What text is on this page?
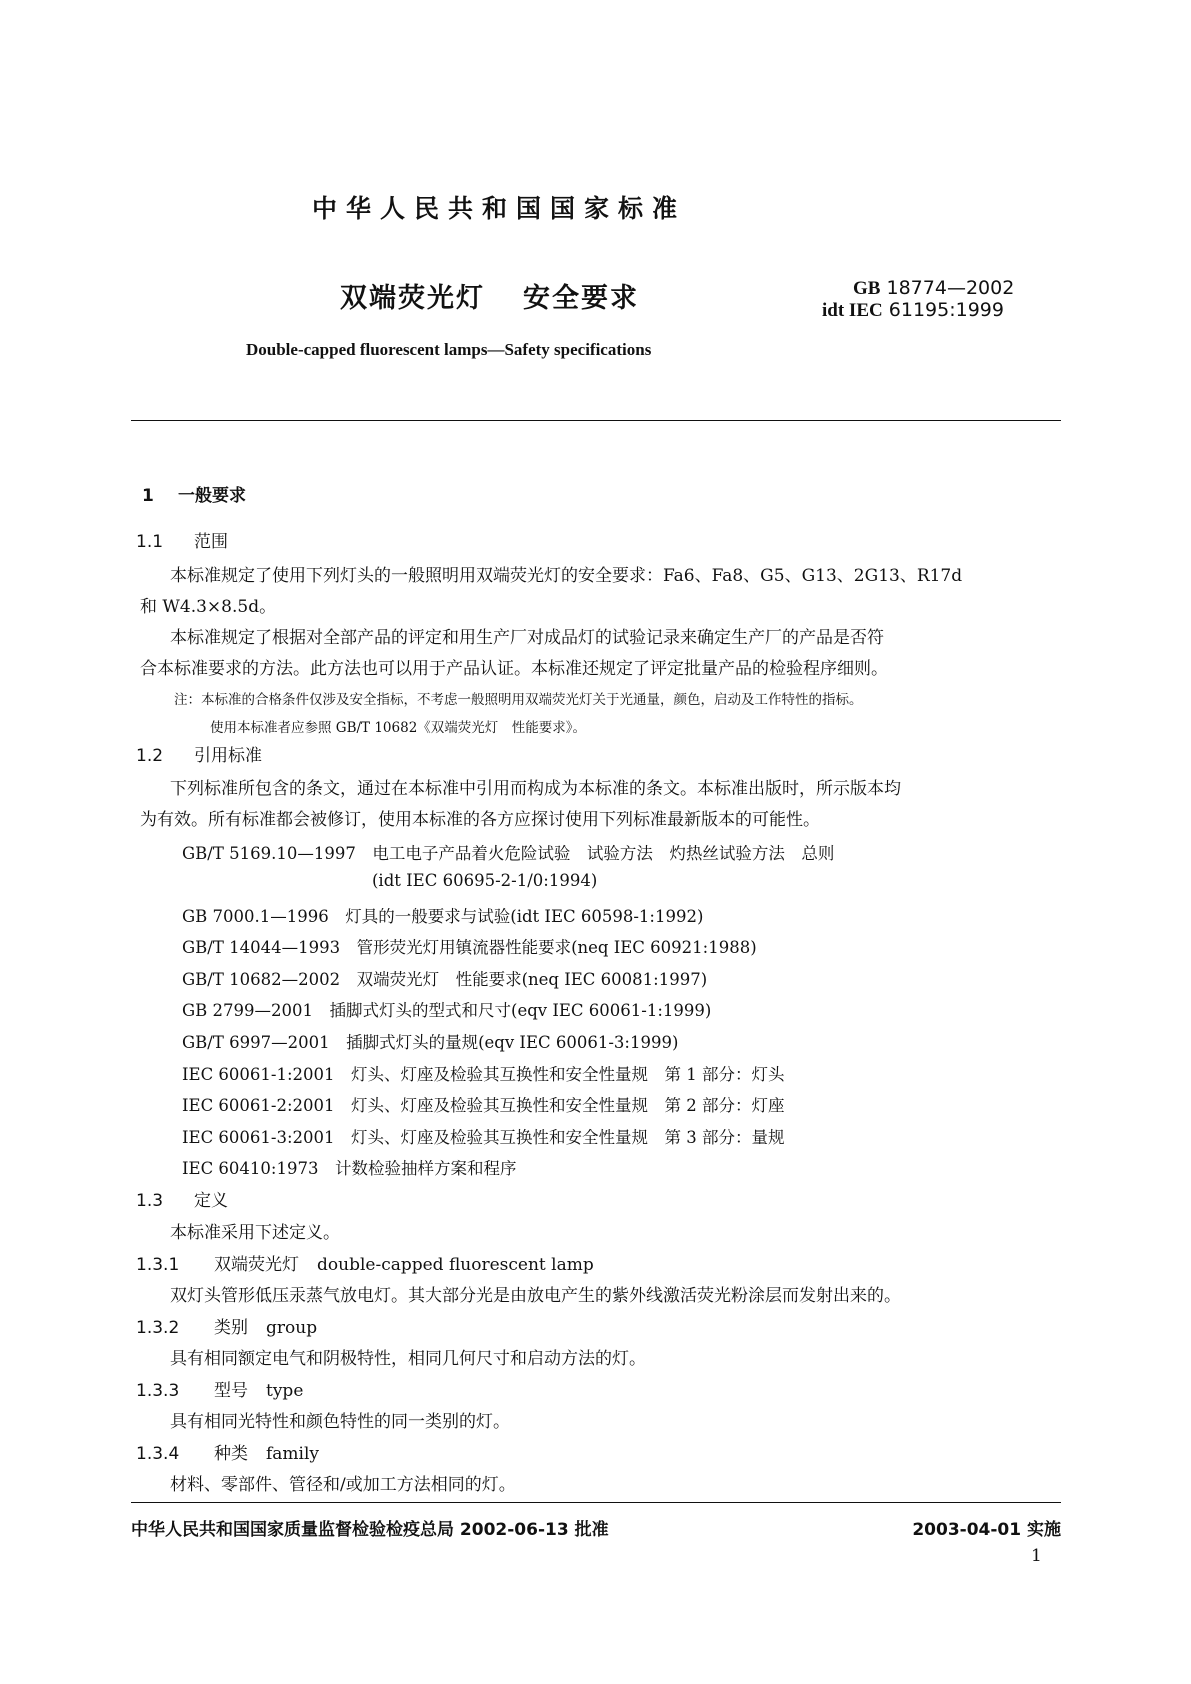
中华人民共和国国家标准
双端荧光灯 安全要求	GB 18774—2002
idt IEC 61195:1999
Double-capped fluorescent lamps—Safety specifications
1 一般要求
1.1 范围
本标准规定了使用下列灯头的一般照明用双端荧光灯的安全要求：Fa6、Fa8、G5、G13、2G13、R17d
和 W4.3×8.5d。
本标准规定了根据对全部产品的评定和用生产厂对成品灯的试验记录来确定生产厂的产品是否符
合本标准要求的方法。此方法也可以用于产品认证。本标准还规定了评定批量产品的检验程序细则。
注：本标准的合格条件仅涉及安全指标，不考虑一般照明用双端荧光灯关于光通量，颜色，启动及工作特性的指标。
使用本标准者应参照 GB/T 10682《双端荧光灯　性能要求》。
1.2 引用标准
下列标准所包含的条文，通过在本标准中引用而构成为本标准的条文。本标准出版时，所示版本均
为有效。所有标准都会被修订，使用本标准的各方应探讨使用下列标准最新版本的可能性。
GB/T 5169.10—1997　电工电子产品着火危险试验　试验方法　灼热丝试验方法　总则
(idt IEC 60695-2-1/0:1994)
GB 7000.1—1996　灯具的一般要求与试验(idt IEC 60598-1:1992)
GB/T 14044—1993　管形荧光灯用镇流器性能要求(neq IEC 60921:1988)
GB/T 10682—2002　双端荧光灯　性能要求(neq IEC 60081:1997)
GB 2799—2001　插脚式灯头的型式和尺寸(eqv IEC 60061-1:1999)
GB/T 6997—2001　插脚式灯头的量规(eqv IEC 60061-3:1999)
IEC 60061-1:2001　灯头、灯座及检验其互换性和安全性量规　第 1 部分：灯头
IEC 60061-2:2001　灯头、灯座及检验其互换性和安全性量规　第 2 部分：灯座
IEC 60061-3:2001　灯头、灯座及检验其互换性和安全性量规　第 3 部分：量规
IEC 60410:1973　计数检验抽样方案和程序
1.3 定义
本标准采用下述定义。
1.3.1 双端荧光灯 double-capped fluorescent lamp
双灯头管形低压汞蒸气放电灯。其大部分光是由放电产生的紫外线激活荧光粉涂层而发射出来的。
1.3.2 类别 group
具有相同额定电气和阴极特性，相同几何尺寸和启动方法的灯。
1.3.3 型号 type
具有相同光特性和颜色特性的同一类别的灯。
1.3.4 种类 family
材料、零部件、管径和/或加工方法相同的灯。
中华人民共和国国家质量监督检验检疫总局 2002-06-13 批准	2003-04-01 实施
1
